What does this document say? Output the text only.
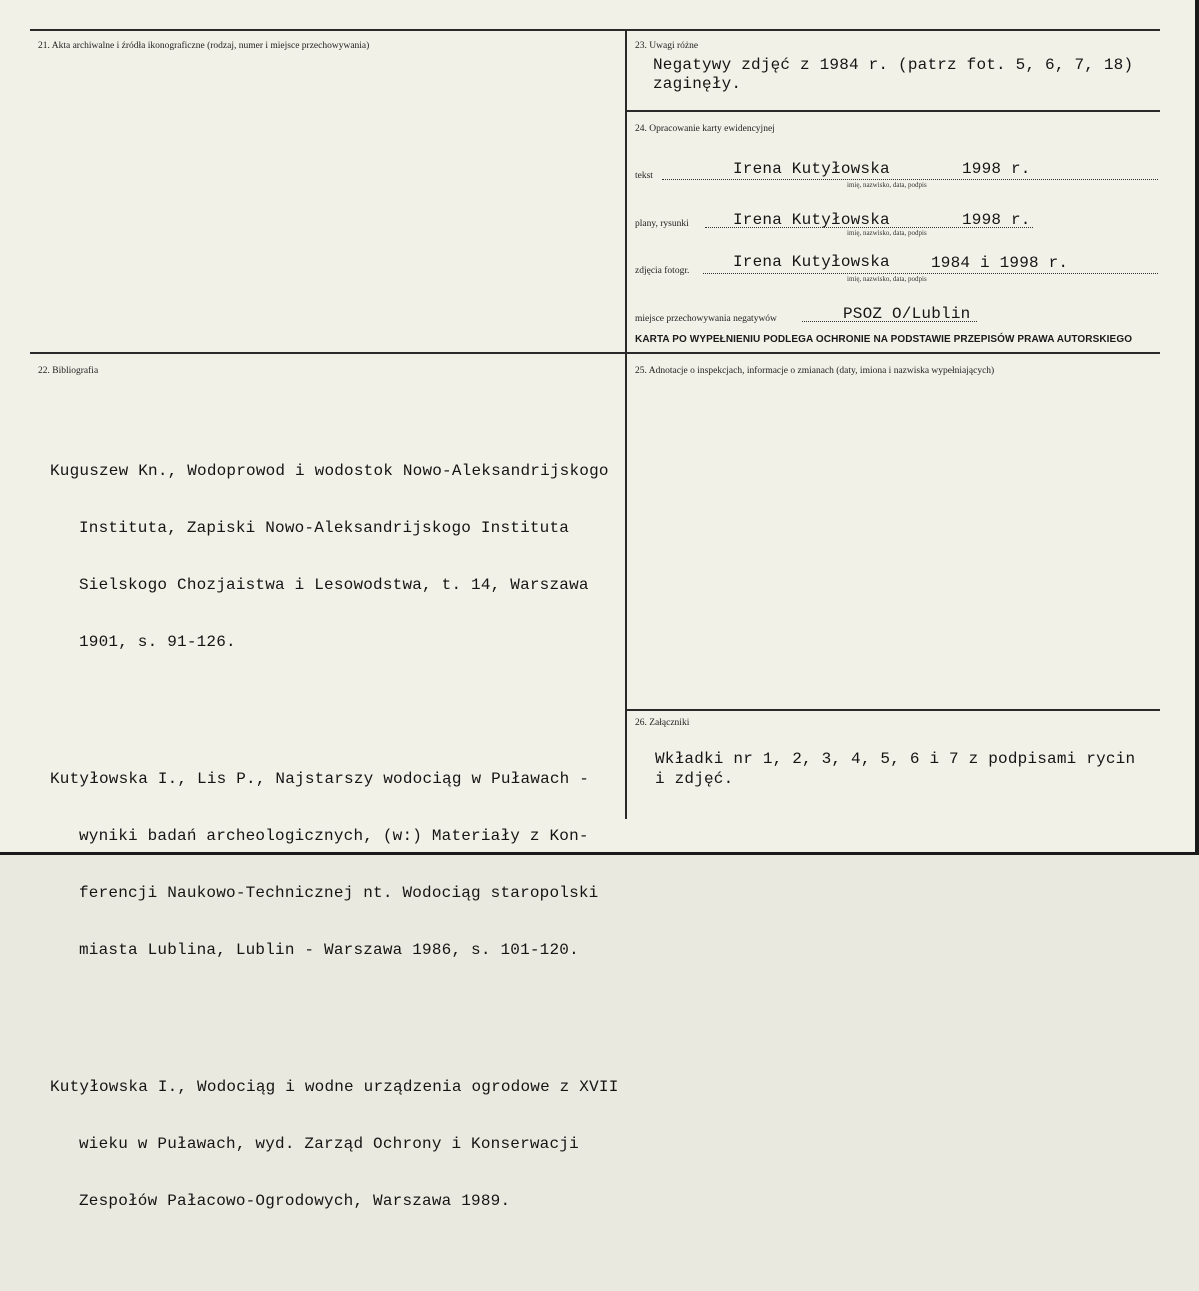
21. Akta archiwalne i źródła ikonograficzne (rodzaj, numer i miejsce przechowywania)	23. Uwagi różne
Negatywy zdjęć z 1984 r. (patrz fot. 5, 6, 7, 18)
zaginęły.
24. Opracowanie karty ewidencyjnej
tekst	Irena Kutyłowska	1998 r.
imię, nazwisko, data, podpis
plany, rysunki	Irena Kutyłowska	1998 r.
imię, nazwisko, data, podpis
zdjęcia fotogr.	Irena Kutyłowska	1984 i 1998 r.
imię, nazwisko, data, podpis
miejsce przechowywania negatywów	PSOZ O/Lublin
KARTA PO WYPEŁNIENIU PODLEGA OCHRONIE NA PODSTAWIE PRZEPISÓW PRAWA AUTORSKIEGO
22. Bibliografia

Kuguszew Kn., Wodoprowod i wodostok Nowo-Aleksandrijskogo

Instituta, Zapiski Nowo-Aleksandrijskogo Instituta

Sielskogo Chozjaistwa i Lesowodstwa, t. 14, Warszawa

1901, s. 91-126.

Kutyłowska I., Lis P., Najstarszy wodociąg w Puławach -

wyniki badań archeologicznych, (w:) Materiały z Kon-

ferencji Naukowo-Technicznej nt. Wodociąg staropolski

miasta Lublina, Lublin - Warszawa 1986, s. 101-120.

Kutyłowska I., Wodociąg i wodne urządzenia ogrodowe z XVII

wieku w Puławach, wyd. Zarząd Ochrony i Konserwacji

Zespołów Pałacowo-Ogrodowych, Warszawa 1989.

25. Adnotacje o inspekcjach, informacje o zmianach (daty, imiona i nazwiska wypełniających)
26. Załączniki
Wkładki nr 1, 2, 3, 4, 5, 6 i 7 z podpisami rycin
i zdjęć.
